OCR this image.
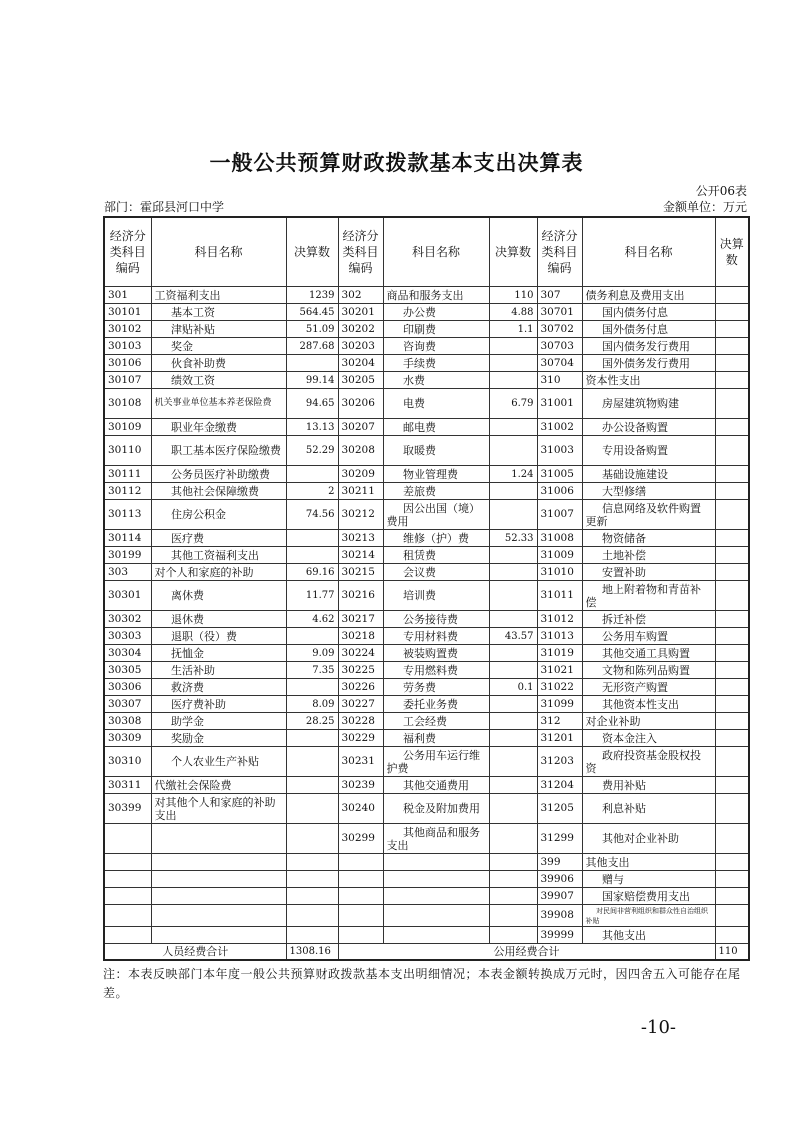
一般公共预算财政拨款基本支出决算表
公开06表
部门：霍邱县河口中学	金额单位：万元
经济分类科目编码	科目名称	决算数	经济分类科目编码	科目名称	决算数	经济分类科目编码	科目名称	决算数
301	工资福利支出	1239	302	商品和服务支出	110	307	债务利息及费用支出	
30101	基本工资	564.45	30201	办公费	4.88	30701	国内债务付息	
30102	津贴补贴	51.09	30202	印刷费	1.1	30702	国外债务付息	
30103	奖金	287.68	30203	咨询费		30703	国内债务发行费用	
30106	伙食补助费		30204	手续费		30704	国外债务发行费用	
30107	绩效工资	99.14	30205	水费		310	资本性支出	
30108	机关事业单位基本养老保险费	94.65	30206	电费	6.79	31001	房屋建筑物购建	
30109	职业年金缴费	13.13	30207	邮电费		31002	办公设备购置	
30110	职工基本医疗保险缴费	52.29	30208	取暖费		31003	专用设备购置	
30111	公务员医疗补助缴费		30209	物业管理费	1.24	31005	基础设施建设	
30112	其他社会保障缴费	2	30211	差旅费		31006	大型修缮	
30113	住房公积金	74.56	30212	因公出国（境）费用		31007	信息网络及软件购置更新	
30114	医疗费		30213	维修（护）费	52.33	31008	物资储备	
30199	其他工资福利支出		30214	租赁费		31009	土地补偿	
303	对个人和家庭的补助	69.16	30215	会议费		31010	安置补助	
30301	离休费	11.77	30216	培训费		31011	地上附着物和青苗补偿	
30302	退休费	4.62	30217	公务接待费		31012	拆迁补偿	
30303	退职（役）费		30218	专用材料费	43.57	31013	公务用车购置	
30304	抚恤金	9.09	30224	被装购置费		31019	其他交通工具购置	
30305	生活补助	7.35	30225	专用燃料费		31021	文物和陈列品购置	
30306	救济费		30226	劳务费	0.1	31022	无形资产购置	
30307	医疗费补助	8.09	30227	委托业务费		31099	其他资本性支出	
30308	助学金	28.25	30228	工会经费		312	对企业补助	
30309	奖励金		30229	福利费		31201	资本金注入	
30310	个人农业生产补贴		30231	公务用车运行维护费		31203	政府投资基金股权投资	
30311	代缴社会保险费		30239	其他交通费用		31204	费用补贴	
30399	对其他个人和家庭的补助支出		30240	税金及附加费用		31205	利息补贴	
			30299	其他商品和服务支出		31299	其他对企业补助	
						399	其他支出	
						39906	赠与	
						39907	国家赔偿费用支出	
						39908	对民间非营利组织和群众性自治组织补贴	
						39999	其他支出	
人员经费合计		1308.16	公用经费合计					110
注：本表反映部门本年度一般公共预算财政拨款基本支出明细情况；本表金额转换成万元时，因四舍五入可能存在尾差。
-10-
